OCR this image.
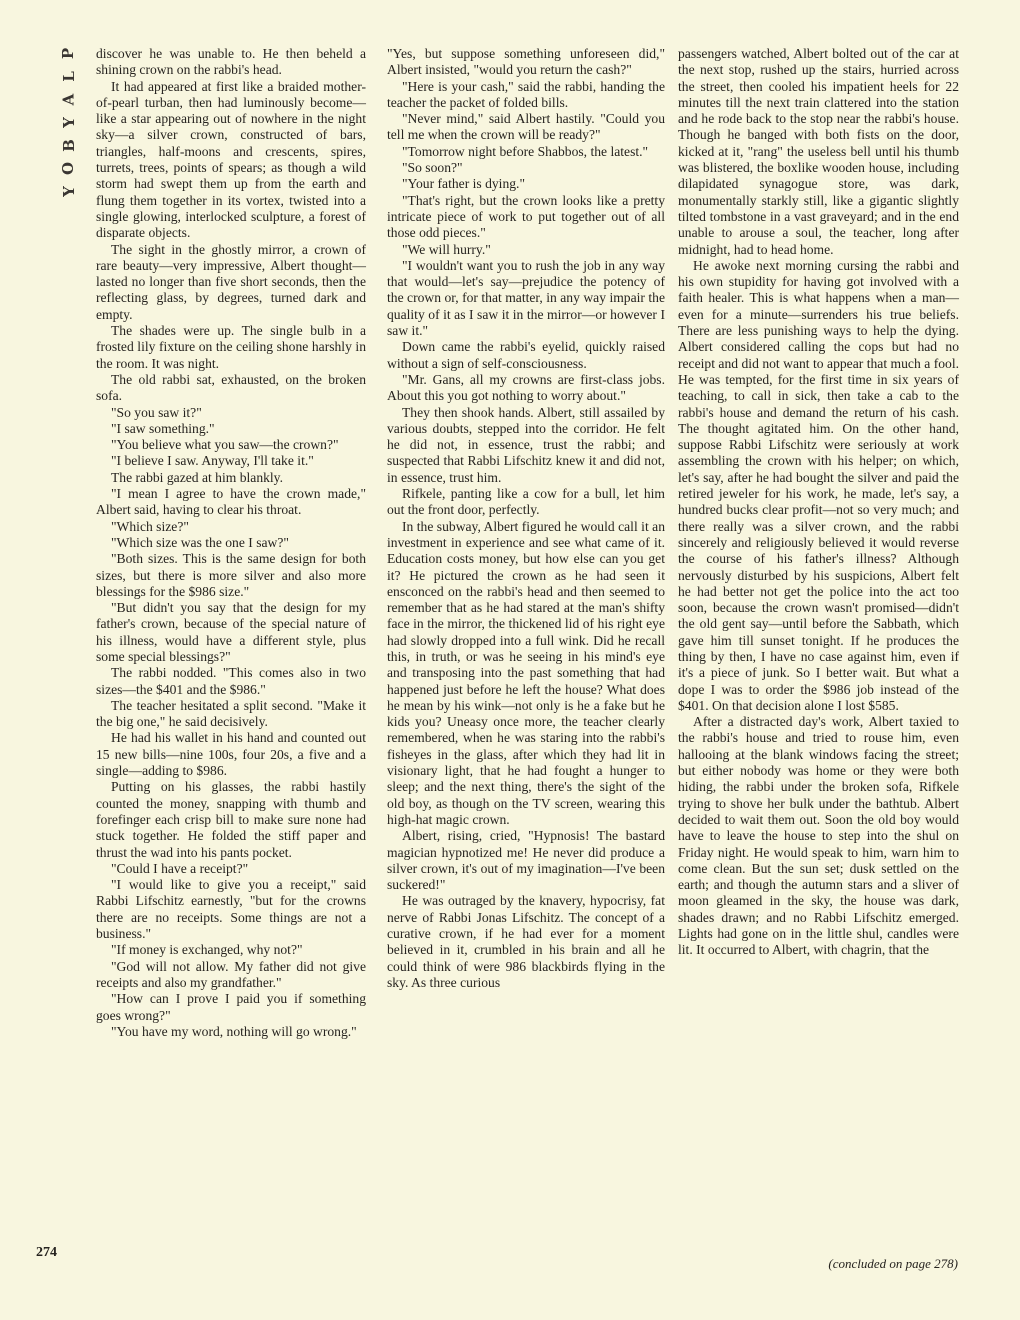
P
L
A
Y
B
O
Y

discover he was unable to. He then beheld a shining crown on the rabbi's head.

It had appeared at first like a braided mother-of-pearl turban, then had luminously become—like a star appearing out of nowhere in the night sky—a silver crown, constructed of bars, triangles, half-moons and crescents, spires, turrets, trees, points of spears; as though a wild storm had swept them up from the earth and flung them together in its vortex, twisted into a single glowing, interlocked sculpture, a forest of disparate objects.

The sight in the ghostly mirror, a crown of rare beauty—very impressive, Albert thought—lasted no longer than five short seconds, then the reflecting glass, by degrees, turned dark and empty.

The shades were up. The single bulb in a frosted lily fixture on the ceiling shone harshly in the room. It was night.

The old rabbi sat, exhausted, on the broken sofa.

"So you saw it?"

"I saw something."

"You believe what you saw—the crown?"

"I believe I saw. Anyway, I'll take it."

The rabbi gazed at him blankly.

"I mean I agree to have the crown made," Albert said, having to clear his throat.

"Which size?"

"Which size was the one I saw?"

"Both sizes. This is the same design for both sizes, but there is more silver and also more blessings for the $986 size."

"But didn't you say that the design for my father's crown, because of the special nature of his illness, would have a different style, plus some special blessings?"

The rabbi nodded. "This comes also in two sizes—the $401 and the $986."

The teacher hesitated a split second. "Make it the big one," he said decisively.

He had his wallet in his hand and counted out 15 new bills—nine 100s, four 20s, a five and a single—adding to $986.

Putting on his glasses, the rabbi hastily counted the money, snapping with thumb and forefinger each crisp bill to make sure none had stuck together. He folded the stiff paper and thrust the wad into his pants pocket.

"Could I have a receipt?"

"I would like to give you a receipt," said Rabbi Lifschitz earnestly, "but for the crowns there are no receipts. Some things are not a business."

"If money is exchanged, why not?"

"God will not allow. My father did not give receipts and also my grandfather."

"How can I prove I paid you if something goes wrong?"

"You have my word, nothing will go wrong."

"Yes, but suppose something unforeseen did," Albert insisted, "would you return the cash?"

"Here is your cash," said the rabbi, handing the teacher the packet of folded bills.

"Never mind," said Albert hastily. "Could you tell me when the crown will be ready?"

"Tomorrow night before Shabbos, the latest."

"So soon?"

"Your father is dying."

"That's right, but the crown looks like a pretty intricate piece of work to put together out of all those odd pieces."

"We will hurry."

"I wouldn't want you to rush the job in any way that would—let's say—prejudice the potency of the crown or, for that matter, in any way impair the quality of it as I saw it in the mirror—or however I saw it."

Down came the rabbi's eyelid, quickly raised without a sign of self-consciousness.

"Mr. Gans, all my crowns are first-class jobs. About this you got nothing to worry about."

They then shook hands. Albert, still assailed by various doubts, stepped into the corridor. He felt he did not, in essence, trust the rabbi; and suspected that Rabbi Lifschitz knew it and did not, in essence, trust him.

Rifkele, panting like a cow for a bull, let him out the front door, perfectly.

In the subway, Albert figured he would call it an investment in experience and see what came of it. Education costs money, but how else can you get it? He pictured the crown as he had seen it ensconced on the rabbi's head and then seemed to remember that as he had stared at the man's shifty face in the mirror, the thickened lid of his right eye had slowly dropped into a full wink. Did he recall this, in truth, or was he seeing in his mind's eye and transposing into the past something that had happened just before he left the house? What does he mean by his wink—not only is he a fake but he kids you? Uneasy once more, the teacher clearly remembered, when he was staring into the rabbi's fisheyes in the glass, after which they had lit in visionary light, that he had fought a hunger to sleep; and the next thing, there's the sight of the old boy, as though on the TV screen, wearing this high-hat magic crown.

Albert, rising, cried, "Hypnosis! The bastard magician hypnotized me! He never did produce a silver crown, it's out of my imagination—I've been suckered!"

He was outraged by the knavery, hypocrisy, fat nerve of Rabbi Jonas Lifschitz. The concept of a curative crown, if he had ever for a moment believed in it, crumbled in his brain and all he could think of were 986 blackbirds flying in the sky. As three curious

passengers watched, Albert bolted out of the car at the next stop, rushed up the stairs, hurried across the street, then cooled his impatient heels for 22 minutes till the next train clattered into the station and he rode back to the stop near the rabbi's house. Though he banged with both fists on the door, kicked at it, "rang" the useless bell until his thumb was blistered, the boxlike wooden house, including dilapidated synagogue store, was dark, monumentally starkly still, like a gigantic slightly tilted tombstone in a vast graveyard; and in the end unable to arouse a soul, the teacher, long after midnight, had to head home.

He awoke next morning cursing the rabbi and his own stupidity for having got involved with a faith healer. This is what happens when a man—even for a minute—surrenders his true beliefs. There are less punishing ways to help the dying. Albert considered calling the cops but had no receipt and did not want to appear that much a fool. He was tempted, for the first time in six years of teaching, to call in sick, then take a cab to the rabbi's house and demand the return of his cash. The thought agitated him. On the other hand, suppose Rabbi Lifschitz were seriously at work assembling the crown with his helper; on which, let's say, after he had bought the silver and paid the retired jeweler for his work, he made, let's say, a hundred bucks clear profit—not so very much; and there really was a silver crown, and the rabbi sincerely and religiously believed it would reverse the course of his father's illness? Although nervously disturbed by his suspicions, Albert felt he had better not get the police into the act too soon, because the crown wasn't promised—didn't the old gent say—until before the Sabbath, which gave him till sunset tonight. If he produces the thing by then, I have no case against him, even if it's a piece of junk. So I better wait. But what a dope I was to order the $986 job instead of the $401. On that decision alone I lost $585.

After a distracted day's work, Albert taxied to the rabbi's house and tried to rouse him, even hallooing at the blank windows facing the street; but either nobody was home or they were both hiding, the rabbi under the broken sofa, Rifkele trying to shove her bulk under the bathtub. Albert decided to wait them out. Soon the old boy would have to leave the house to step into the shul on Friday night. He would speak to him, warn him to come clean. But the sun set; dusk settled on the earth; and though the autumn stars and a sliver of moon gleamed in the sky, the house was dark, shades drawn; and no Rabbi Lifschitz emerged. Lights had gone on in the little shul, candles were lit. It occurred to Albert, with chagrin, that the

(concluded on page 278)
274
